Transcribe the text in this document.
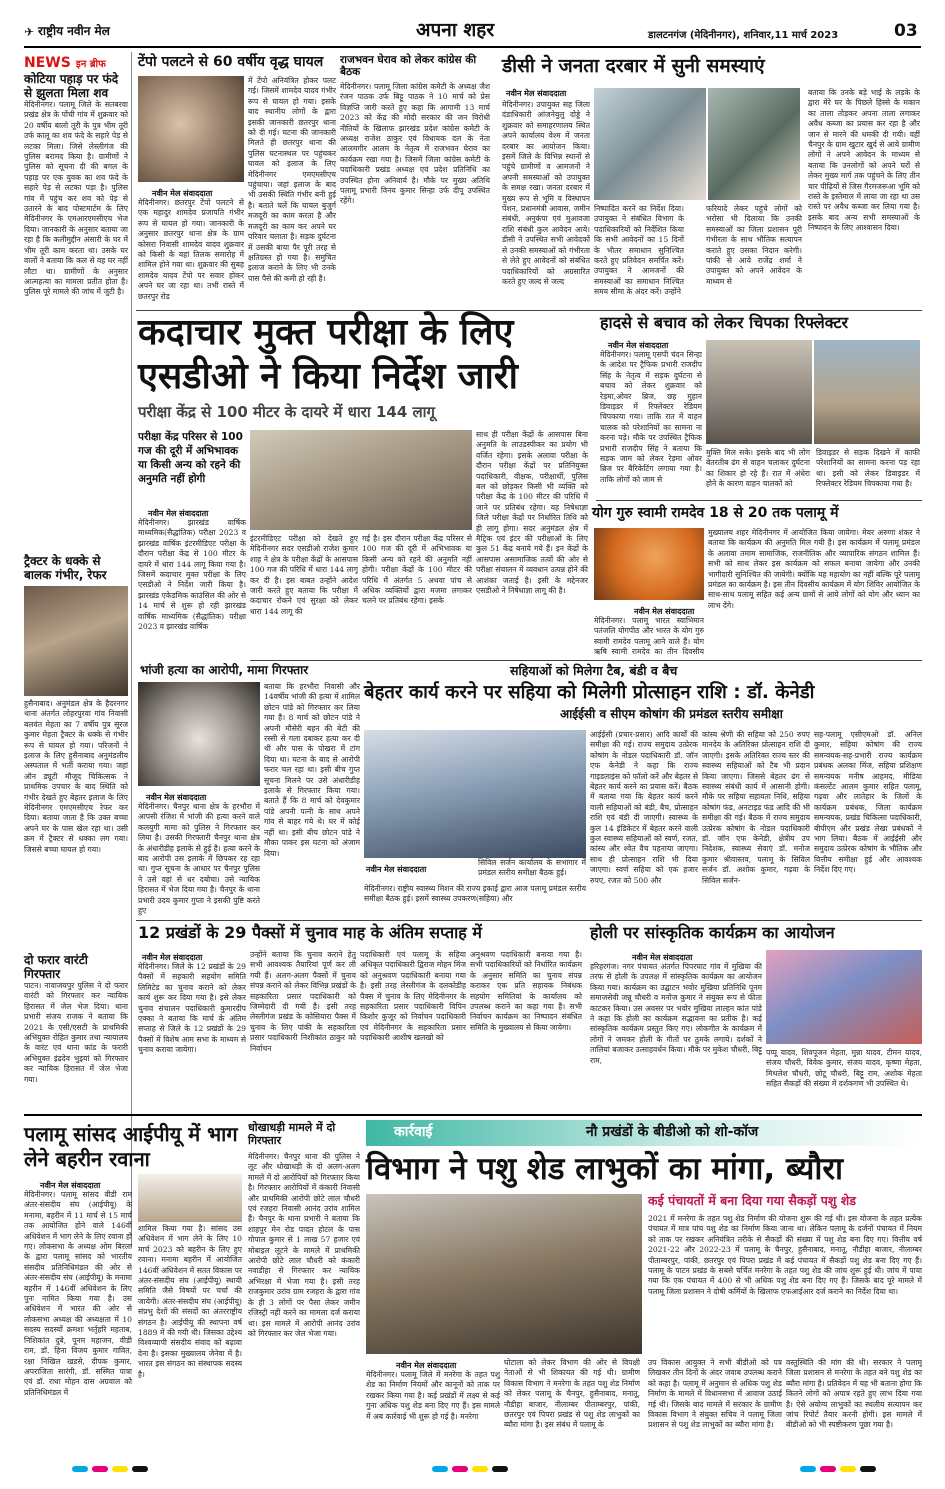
✈ राष्ट्रीय नवीन मेल	अपना शहर	डालटनगंज (मेदिनीनगर), शनिवार,11 मार्च 2023	03
NEWS इन ब्रीफ
कोटिया पहाड़ पर फंदे से झुलता मिला शव
मेदिनीनगर। पलामू जिले के सतबरवा प्रखंड क्षेत्र के पोंची गांव में शुक्रवार को 20 वर्षीय बालो तूरी के पुत्र भीम तूरी उर्फ कालू का शव फंदे के सहारे पेड़ से लटका मिला। जिसे लेस्लीगंज की पुलिस बरामद किया है। ग्रामीणों ने पुलिस को सूचना दी की बगल के पहाड़ पर एक युवक का शव फंदे के सहारे पेड़ से लटका पड़ा है। पुलिस गांव में पहुंच कर शव को पेड़ से उतारने के बाद पोस्टमार्टम के लिए मेदिनीनगर के एमआरएमसीएच भेज दिया। जानकारी के अनुसार बताया जा रहा है कि कलीमुद्दीन अंसारी के घर में भीम तूरी काम करता था। उसके घर वालों ने बताया कि कल से वह घर नहीं लौटा था। ग्रामीणों के अनुसार आत्महत्या का मामला प्रतीत होता है। पुलिस पूरे मामले की जांच में जुटी है।
ट्रैक्टर के धक्के से बालक गंभीर, रेफर
हुसैनाबाद। अनुमंडल क्षेत्र के हैदरनगर थाना अंतर्गत लोहरपुरवा गांव निवासी बलवंत मेहता का 7 वर्षीय पुत्र सूरज कुमार मेहता ट्रैक्टर के धक्के से गंभीर रूप से घायल हो गया। परिजनों ने इलाज के लिए हुसैनाबाद अनुमंडलीय अस्पताल में भर्ती कराया गया। जहां ऑन ड्यूटी मौजूद चिकित्सक ने प्राथमिक उपचार के बाद स्थिति को गंभीर देखते हुए बेहतर इलाज के लिए मेदिनीनगर एमएमसीएच रेफर कर दिया। बताया जाता है कि उक्त बच्चा अपने घर के पास खेल रहा था। उसी क्रम में ट्रैक्टर से धक्का लग गया। जिससे बच्चा घायल हो गया।
दो फरार वारंटी गिरफ्तार
पाटन। नावाजयपुर पुलिस ने दो फरार वारंटी को गिरफ्तार कर न्यायिक हिरासत में जेल भेज दिया। थाना प्रभारी संजय राजक ने बताया कि 2021 के एसी/एसटी के प्राथमिकी अभियुक्त रोहित कुमार तथा न्यायालय के वारंट एवं थाना कांड के फरारी अभियुक्त इंद्रदेव भुइयां को गिरफ्तार कर न्यायिक हिरासत में जेल भेजा गया।
टेंपो पलटने से 60 वर्षीय वृद्ध घायल
नवीन मेल संवाददाता
मेदिनीनगर। छतरपुर टेंपो पलटने से एक महादुर शामदेव प्रजापति गंभीर रूप से घायल हो गया। जानकारी के अनुसार छतरपुर थाना क्षेत्र के ग्राम कोसरा निवासी शामदेव यादव शुक्रवार को किसी के यहां तिलक समारोह में शामिल होने गया था। शुक्रवार की सुबह शामदेव यादव टेंपो पर सवार होकर अपने घर जा रहा था। तभी रास्ते में छतरपुर रोड
में टेंपो अनियंत्रित होकर पलट गई। जिसमें शामदेव यादव गंभीर रूप से घायल हो गया। इसके बाद स्थानीय लोगों के द्वारा इसकी जानकारी छतरपुर थाना को दी गई। घटना की जानकारी मिलते ही छतरपुर थाना की पुलिस घटनास्थल पर पहुंचकर घायल को इलाज के लिए मेदिनीनगर एमएमसीएच पहुंचाया। जहां इलाज के बाद भी उसकी स्थिति गंभीर बनी हुई है। बताते चलें कि घायल बुजुर्ग मजदूरी का काम करता है और मजदूरी का काम कर अपने घर परिवार चलाता है। सड़क दुर्घटना में उसकी बाया पैर पूरी तरह से क्षतिग्रस्त हो गया है। समुचित इलाज कराने के लिए भी उनके पास पैसे की कमी हो रही है।
राजभवन घेराव को लेकर कांग्रेस की बैठक
मेदिनीनगर। पलामू जिला कांग्रेस कमेटी के अध्यक्ष जैश रंजन पाठक उर्फ बिट्टू पाठक ने 10 मार्च को प्रेस विज्ञप्ति जारी करते हुए कहा कि आगामी 13 मार्च 2023 को केंद्र की मोदी सरकार की जन विरोधी नीतियों के खिलाफ झारखंड प्रदेश कांग्रेस कमेटी के अध्यक्ष राजेश ठाकुर एवं विधायक दल के नेता आलमगीर आलम के नेतृत्व में राजभवन घेराव का कार्यक्रम रखा गया है। जिसमें जिला कांग्रेस कमेटी के पदाधिकारी प्रखंड अध्यक्ष एवं प्रदेश प्रतिनिधि का उपस्थित होना अनिवार्य है। मौके पर मुख्य अतिथि पलामू प्रभारी विनय कुमार सिन्हा उर्फ दीपू उपस्थित रहेंगे।
डीसी ने जनता दरबार में सुनी समस्याएं
नवीन मेल संवाददाता
मेदिनीनगर। उपायुक्त सह जिला दंडाधिकारी आंजनेयुलु दोड्डे ने शुक्रवार को समाहरणालय स्थित अपने कार्यालय वेश्म में जनता दरबार का आयोजन किया। इसमें जिले के विभिन्न स्थानों से पहुंचे ग्रामीणों व आमजनों ने अपनी समस्याओं को उपायुक्त के समक्ष रखा। जनता दरबार में मुख्य रूप से भूमि व विस्थापन पेंशन, प्रधानमंत्री आवास, जमीन संबंधी, अनुकंपा एवं मुआवजा राशि संबंधी कुल आवेदन आये। डीसी ने उपस्थित सभी आवेदकों से उनकी समस्याओं को गंभीरता से लेते हुए आवेदनों को संबंधित पदाधिकारियों को अग्रसारित करते हुए जल्द से जल्द
निष्पादित करने का निर्देश दिया। उपायुक्त ने संबंधित विभाग के पदाधिकारियों को निर्देशित किया कि सभी आवेदनों का 15 दिनों के भीतर समाधान सुनिश्चित करते हुए प्रतिवेदन समर्पित करें। उपायुक्त ने आमजनों की समस्याओं का समाधान निश्चित समय सीमा के अंदर करें। उन्होंने
फरियादे लेकर पहुंचे लोगों को भरोसा भी दिलाया कि उनकी समस्याओं का जिला प्रशासन पूरी गंभीरता के साथ भौतिक सत्यापन कराते हुए उसका निदान करेगी। पांकी से आये राजेंद्र शर्मा ने उपायुक्त को अपने आवेदन के माध्यम से
बताया कि उनके बड़े भाई के लड़के के द्वारा मेरे घर के पिछले हिस्से के मकान का ताला तोड़कर अपना ताला लगाकर अवैध कब्जा का प्रयास कर रहा है और जान से मारने की धमकी दी गयी। वहीं चैनपुर के ग्राम खुटार खुर्द से आये ग्रामीण लोगों ने अपने आवेदन के माध्यम से बताया कि उनलोगों को अपने घरों से लेकर मुख्य मार्ग तक पहुंचने के लिए तीन चार पीढ़ियों से जिस गैरमजरूआ भूमि को रास्ते के इस्तेमाल में लाया जा रहा था उस रास्ते पर अवैध कब्जा कर लिया गया है। इसके बाद अन्य सभी समस्याओं के निष्पादन के लिए आश्वासन दिया।
हादसे से बचाव को लेकर चिपका रिफ्लेक्टर
नवीन मेल संवाददाता
मेदिनीनगर। पलामू एसपी चंदन सिन्हा के आदेश पर ट्रैफिक प्रभारी राजदीप सिंह के नेतृत्व में सड़क दुर्घटना से बचाव को लेकर शुक्रवार को रेड़मा,ओवर ब्रिज, छह मुहान डिवाइडर में रिफ्लेक्टर रेडियम चिपकाया गया। ताकि रात में वाहन चालक को परेशानियों का सामना ना करना पड़े। मौके पर उपस्थित ट्रैफिक प्रभारी राजदीप सिंह ने बताया कि सड़क जाम को लेकर रेड़मा ओवर ब्रिज पर बैरिकेटिंग लगाया गया है। ताकि लोगों को जाम से
मुक्ति मिल सके। इसके बाद भी लोग बेतरतीब ढंग से वाहन चलाकर दुर्घटना का शिकार हो रहे हैं। रात में अंधेरा होने के कारण वाहन चालकों को
डिवाइडर से सड़क दिखने में काफी परेशानियों का सामना करना पड़ रहा था। इसी को लेकर डिवाइडर में रिफ्लेक्टर रेडियम चिपकाया गया है।
कदाचार मुक्त परीक्षा के लिए
एसडीओ ने किया निर्देश जारी
परीक्षा केंद्र से 100 मीटर के दायरे में धारा 144 लागू
परीक्षा केंद्र परिसर से 100 गज की दूरी में अभिभावक या किसी अन्य को रहने की अनुमति नहीं होगी
नवीन मेल संवाददाता
मेदिनीनगर। झारखंड वार्षिक माध्यमिक(सैद्धांतिक) परीक्षा 2023 व झारखंड वार्षिक इंटरमीडिएट परीक्षा के दौरान परीक्षा केंद्र से 100 मीटर के दायरे में धारा 144 लागू किया गया है। जिसमें कदाचार मुक्त परीक्षा के लिए एसडीओ ने निर्देश जारी किया है। झारखंड एकेडमिक काउंसिल की ओर से 14 मार्च से शुरू हो रही झारखंड वार्षिक माध्यमिक (सैद्धांतिक) परीक्षा 2023 व झारखंड वार्षिक
इंटरमीडिएट परीक्षा को देखते हुए मेदिनीनगर सदर एसडीओ राजेश कुमार शाह ने क्षेत्र के परीक्षा केंद्रों के आसपास 100 गज की परिधि में धारा 144 लागू कर दी है। इस बाबत उन्होंने आदेश जारी करते हुए बताया कि परीक्षा में कदाचार रोकने एवं सुरक्षा को लेकर धारा 144 लागू की
गई है। इस दौरान परीक्षा केंद्र परिसर से 100 गज की दूरी में अभिभावक या किसी अन्य को रहने की अनुमति नहीं होगी। परीक्षा केंद्रों के 100 मीटर की परिधि में अंतर्गत 5 अथवा पांच से अधिक व्यक्तियों द्वारा मजमा लगाकर चलने पर प्रतिबंध रहेगा। इसके
साथ ही परीक्षा केंद्रों के आसपास बिना अनुमति के लाउडस्पीकर का प्रयोग भी वर्जित रहेगा। इसके अलावा परीक्षा के दौरान परीक्षा केंद्रों पर प्रतिनियुक्त पदाधिकारी, वीक्षक, परीक्षार्थी, पुलिस बल को छोड़कर किसी भी व्यक्ति को परीक्षा केंद्र के 100 मीटर की परिधि में जाने पर प्रतिबंध रहेगा। यह निषेधाज्ञा जिले परीक्षा केंद्रों पर निर्धारित तिथि को ही लागू होगा। सदर अनुमंडल क्षेत्र में मैट्रिक एवं इंटर की परीक्षाओं के लिए कुल 51 केंद्र बनाये गये हैं। इन केंद्रों के आसपास असामाजिक तत्वों की ओर से परीक्षा संचालन में व्यवधान उत्पन्न होने की आशंका जताई है। इसी के मद्देनजर एसडीओ ने निषेधाज्ञा लागू की है।
योग गुरु स्वामी रामदेव 18 से 20 तक पलामू में
नवीन मेल संवाददाता
मेदिनीनगर। पलामू भारत स्वाभिमान पतंजलि योगपीठ और भारत के योग गुरु स्वामी रामदेव पलामू आने वाले हैं। योग ऋषि स्वामी रामदेव का तीन दिवसीय
मुख्यालय शहर मेदिनीनगर में आयोजित किया जायेगा। मेयर अरुणा शंकर ने बताया कि कार्यक्रम की अनुमति मिल गयी है। इस कार्यक्रम में पलामू प्रमंडल के अलावा तमाम सामाजिक, राजनीतिक और व्यापारिक संगठन शामिल हैं। सभी को साथ लेकर इस कार्यक्रम को सफल बनाया जायेगा और उनकी भागीदारी सुनिश्चित की जायेगी। क्योंकि यह महायोग का नहीं बल्कि पूरे पलामू प्रमंडल का कार्यक्रम है। इस तीन दिवसीय कार्यक्रम में योग शिविर आयोजित के साथ-साथ पलामू सहित कई अन्य ग्रामों से आये लोगों को योग और ध्यान का लाभ देंगे।
सहियाओं को मिलेगा टैब, बंडी व बैच
बेहतर कार्य करने पर सहिया को मिलेगी प्रोत्साहन राशि : डॉ. केनेडी
आईईसी व सीएम कोषांग की प्रमंडल स्तरीय समीक्षा
नवीन मेल संवाददाता
सिविल सर्जन कार्यालय के सभागार में प्रमंडल स्तरीय समीक्षा बैठक हुई।
मेदिनीनगर। राष्ट्रीय स्वास्थ्य मिशन की राज्य इकाई द्वारा आज पलामू प्रमंडल स्तरीय समीक्षा बैठक हुई। इसमें स्वास्थ्य उपकरण(सहिया) और
आईईसी (प्रचार-प्रसार) आदि कार्यों की समीक्षा की गई। राज्य समुदाय उत्प्रेरक कोषांग के नोडल पदाधिकारी डॉ. जॉन एफ केनेडी ने कहा कि राज्य गाइडलाइंस को फॉलो करें और बेहतर से बेहतर कार्य करने का प्रयास करें। बैठक में बताया गया कि बेहतर कार्य करने वाली सहियाओं को बंडी, बैच, प्रोत्साहन राशि एवं बंडी दी जाएगी। स्वास्थ्य के कुल 14 इंडिकेटर में बेहतर करने वाली कुल स्वास्थ्य सहियाओं को स्वर्ण, रजत, कांस्य और श्वेत वैच पहनाया जाएगा। साथ ही प्रोत्साहन राशि भी दिया जाएगा। स्वर्ण सहिया को एक हजार रुपए, रजत को 500 और
कांस्य श्रेणी की सहिया को 250 रुपए मानदेय के अतिरिक्त प्रोत्साहन राशि दी जाएगी। इसके अतिरिक्त राज्य स्तर की स्वास्थ्य सहियाओं को टैब भी प्रदान किया जाएगा। जिससे बेहतर ढंग से स्वास्थ्य संबंधी कार्य में आसानी होगी। मौके पर सहिया सहायता निधि, सहिया कोषांग फंड, अनटाइड फंड आदि की भी समीक्षा की गई। बैठक में राज्य समुदाय उत्प्रेरक कोषांग के नोडल पदाधिकारी डॉ. जॉन एफ केनेडी, क्षेत्रीय उप निदेशक, स्वास्थ्य सेवाएं डॉ. मनोज कुमार श्रीवास्तव, पलामू के सिविल सर्जन डॉ. अशोक कुमार, गढ़वा के सिविल सर्जन-
सह-पलामू एसीएमओ डॉ. अनिल कुमार, सहिया कोषांग की राज्य समन्वयक-सह-प्रभारी राज्य कार्यक्रम प्रबंधक अलका मिंज, सहिया प्रशिक्षण समन्वयक मनीष आहमद, मीडिया कंसल्टेंट आलम कुमार सहित पलामू, गढ़वा और लातेहार के जिलों के कार्यक्रम प्रबंधक, जिला कार्यक्रम समन्वयक, प्रखंड चिकित्सा पदाधिकारी, बीपीएम और प्रखंड लेखा प्रबंधकों ने भाग लिया। बैठक में आईईसी और समुदाय उत्प्रेरक कोषांग के भौतिक और वित्तीय समीक्षा हुई और आवश्यक निर्देश दिए गए।
भांजी हत्या का आरोपी, मामा गिरफ्तार
नवीन मेल संवाददाता
मेदिनीनगर। चैनपुर थाना क्षेत्र के हरभौरा में आपसी रंजिश में भांजी की हत्या करने वाले कलयुगी मामा को पुलिस ने गिरफ्तार कर लिया है। उसकी गिरफ्तारी चैनपुर थाना क्षेत्र के अंधारीडीह इलाके से हुई है। हत्या करने के बाद आरोपी उस इलाके में छिपकर रह रहा था। गुप्त सूचना के आधार पर चैनपुर पुलिस ने उसे वहां से धर दबोचा। उसे न्यायिक हिरासत में भेज दिया गया है। चैनपुर के थाना प्रभारी उदय कुमार गुप्ता ने इसकी पुष्टि करते हुए
बताया कि हरभौरा निवासी और 14वर्षीय भांजी की हत्या में शामिल छोटन पांडे को गिरफ्तार कर लिया गया है। 8 मार्च को छोटन पांडे ने अपनी मौसेरी बहन की बेटी की रस्सी से गला दबाकर हत्या कर दी थी और पास के पोखरा में टांग दिया था। घटना के बाद से आरोपी फरार चल रहा था। इसी बीच गुप्त सूचना मिलने पर उसे अंधारीडीह इलाके से गिरफ्तार किया गया। बताते हैं कि 8 मार्च को देवकुमार पांडे अपनी पत्नी के साथ अपने गांव से बाहर गये थे। घर में कोई नहीं था। इसी बीच छोटन पांडे ने मौका पाकर इस घटना को अंजाम दिया।
12 प्रखंडों के 29 पैक्सों में चुनाव माह के अंतिम सप्ताह में
नवीन मेल संवाददाता
मेदिनीनगर। जिले के 12 प्रखंडों के 29 पैक्सों में सहकारी सहयोग समिति लिमिटेड का चुनाव कराने को लेकर कार्य शुरू कर दिया गया है। इसे लेकर चुनाव संचालन पदाधिकारी कुमारदीप एक्का ने बताया कि मार्च के अंतिम सप्ताह से जिले के 12 प्रखंडों के 29 पैक्सों में विशेष आम सभा के माध्यम से चुनाव कराया जायेगा।
उन्होंने बताया कि चुनाव कराने हेतु सभी आवश्यक तैयारियां पूर्ण कर ली गयी हैं। अलग-अलग पैक्सों में चुनाव संपन्न कराने को लेकर विभिन्न प्रखंडों के सहकारिता प्रसार पदाधिकारी को जिम्मेदारी दी गयी है। इसी तरह लेस्लीगंज प्रखंड के कोसियारा पैक्स में चुनाव के लिए पांकी के सहकारिता प्रसार पदाधिकारी निशीकांत ठाकुर को निर्वाचन
पदाधिकारी एवं पलामू के सहिया अधिकृत पदाधिकारी द्विराज मोहन मिंज को अनुश्रवण पदाधिकारी बनाया गया है। इसी तरह लेस्लीगंज के दलकोडीह पैक्स में चुनाव के लिए मेदिनीनगर के सहकारिता प्रसार पदाधिकारी विपिन किशोर कुजूर को निर्वाचन पदाधिकारी एवं मेदिनीनगर के सहकारिता प्रसार पदाधिकारी आशीष खलखो को
अनुश्रवण पदाधिकारी बनाया गया है। सभी पदाधिकारियों को निर्धारित कार्यक्रम के अनुसार समिति का चुनाव संपन्न कराकर एक प्रति सहायक निबंधक सहयोग समितियां के कार्यालय को उपलब्ध कराने का कहा गया है। सभी निर्वाचन कार्यक्रम का निष्पादन संबंधित समिति के मुख्यालय से किया जायेगा।
होली पर सांस्कृतिक कार्यक्रम का आयोजन
नवीन मेल संवाददाता
हरिहरगंज। नगर पंचायत अंतर्गत पिपरघाट गांव में मुखिया की तरफ से होली के उपलक्ष में सांस्कृतिक कार्यक्रम का आयोजन किया गया। कार्यक्रम का उद्घाटन भवोर मुखिया प्रतिनिधि पूनम समाजसेवी जन्नू चौधरी व मनोज कुमार ने संयुक्त रूप से फीता काटकर किया। उस अवसर पर भवोर मुखिया लाल्हन कांत पांडे ने कहा कि होली का कार्यक्रम सद्भावना का प्रतीक है। कई सांस्कृतिक कार्यक्रम प्रस्तुत किए गए। लोकगीत के कार्यक्रम में लोगों ने जमकर होली के गीतों पर ठुमके लगाये। दर्शकों ने तालियां बजाकर उत्साहवर्धन किया। मौके पर मुकेश चौधरी, बिट्टू राम,
पप्पू यादव, शिवपूजन मेहता, मुन्ना यादव, टीमन यादव, संजय चौधरी, विवेक कुमार, संजय यादव, कृष्णा मेहता, मिथलेश चौधरी, छोटू चौधरी, बिट्टू राम, अशोक मेहता सहित सैकड़ों की संख्या में दर्शकगण भी उपस्थित थे।
पलामू सांसद आईपीयू में भाग लेने बहरीन रवाना
नवीन मेल संवाददाता
मेदिनीनगर। पलामू सांसद वीडी राम अंतर-संसदीय संघ (आईपीयू) के मनामा, बहरीन में 11 मार्च से 15 मार्च तक आयोजित होने वाले 146वीं अधिवेशन में भाग लेने के लिए रवाना हो गए। लोकसभा के अध्यक्ष ओम बिरला के द्वारा पलामू सांसद को भारतीय संसदीय प्रतिनिधिमंडल की ओर से अंतर-संसदीय संघ (आईपीयू) के मनामा बहरीन में 146वीं अधिवेशन के लिए पुनः नामित किया गया है। उस अधिवेशन में भारत की ओर से लोकसभा अध्यक्ष की अध्यक्षता में 10 सदस्य सदस्यों क्रमशः भर्तृहरि महताब, निशिकांत दुबे, पूनम महाजन, वीडी राम, डॉ. हिना विजय कुमार गावित, रक्षा निखिल खडसे, दीपक कुमार, अपराजिता सारंगी, डॉ. सस्मित पात्रा एवं डॉ. राधा मोहन दास अग्रवाल को प्रतिनिधिमंडल में
शामिल किया गया है। सांसद उस अधिवेशन में भाग लेने के लिए 10 मार्च 2023 को बहरीन के लिए हुए रवाना। मनामा बहरीन में आयोजित 146वीं अधिवेशन में सतत विकास पर अंतर-संसदीय संघ (आईपीयू) स्थायी समिति जैसे विषयों पर चर्चा की जायेगी। अंतर-संसदीय संघ (आईपीयू) संप्रभु देशों की संसदों का अंतरराष्ट्रीय संगठन है। आईपीयू की स्थापना वर्ष 1889 में की गयी थी। जिसका उद्देश्य विश्वव्यापी संसदीय संवाद को बढ़ावा देना है। इसका मुख्यालय जेनेवा में है। भारत इस संगठन का संस्थापक सदस्य है।
धोखाधड़ी मामले में दो गिरफ्तार
मेदिनीनगर। चैनपुर थाना की पुलिस ने लूट और धोखाधड़ी के दो अलग-अलग मामले में दो आरोपियों को गिरफ्तार किया है। गिरफ्तार आरोपियों में कंकारी निवासी और प्राथमिकी आरोपी छोटे लाल चौधरी एवं रजहरा निवासी आनंद उरांव शामिल हैं। चैनपुर के थाना प्रभारी ने बताया कि शाहपुर मेन रोड पादत होटल के पास गोपाल कुमार से 1 लाख 57 हजार एवं मोबाइल लूटने के मामले में प्राथमिकी आरोपी छोटे लाल चौधरी को कंकारी नवाडीहा से गिरफ्तार कर न्यायिक अभिरक्षा में भेजा गया है। इसी तरह राजकुमार उरांव ग्राम रजहरा के द्वारा गांव के ही 3 लोगों पर पैसा लेकर जमीन रजिस्ट्री नहीं करने का मामला दर्ज कराया था। इस मामले में आरोपी आनंद उरांव को गिरफ्तार कर जेल भेजा गया।
कार्रवाई	नौ प्रखंडों के बीडीओ को शो-कॉज
विभाग ने पशु शेड लाभुकों का मांगा, ब्यौरा
कई पंचायतों में बना दिया गया सैकड़ों पशु शेड
2021 में मनरेगा के तहत पशु शेड निर्माण की योजना शुरू की गई थी। इस योजना के तहत प्रत्येक पंचायत में मात्र पांच पशु शेड का निर्माण किया जाना था। लेकिन पलामू के दर्जनों पंचायत में नियम को ताक पर रखकर अनियंत्रित तरीके से सैकड़ों की संख्या में पशु शेड बना दिए गए। वित्तीय वर्ष 2021-22 और 2022-23 में पलामू के चैनपुर, हुसैनाबाद, मनातू, नौडीहा बाजार, नीलाम्बर पीताम्बरपुर, पांकी, छतरपुर एवं पिपरा प्रखंड में कई पंचायत में सैकड़ों पशु शेड बना दिए गए हैं। पलामू के पाटन प्रखंड के सबसे चर्चित मनरेगा के तहत पशु शेड की जांच शुरू हुई थी। जांच में पाया गया कि एक पंचायत में 400 से भी अधिक पशु शेड बना दिए गए हैं। जिसके बाद पूरे मामले में पलामू जिला प्रशासन ने दोषी कर्मियों के खिलाफ एफआईआर दर्ज कराने का निर्देश दिया था।
नवीन मेल संवाददाता
मेदिनीनगर। पलामू जिले में मनरेगा के तहत पशु शेड का निर्माण नियमों और कानूनों को ताक पर रखकर किया गया है। कई प्रखंडों में लक्ष्य से कई गुना अधिक पशु शेड बना दिए गए हैं। इस मामले में अब कार्रवाई भी शुरू हो गई है। मनरेगा
घोटाला को लेकर विभाग की ओर से विपक्षी नेताओं से भी शिकायत की गई थी। ग्रामीण विकास विभाग ने मनरेगा के तहत पशु शेड निर्माण को लेकर पलामू के चैनपुर, हुसैनाबाद, मनातू, नौडीहा बाजार, नीलाम्बर पीताम्बरपुर, पांकी, छतरपुर एवं पिपरा प्रखंड से पशु शेड लाभुकों का ब्यौरा मांगा है। इस संबंध में पलामू के
उप विकास आयुक्त ने सभी बीडीओ को पत्र लिखकर तीन दिनों के अंदर जवाब उपलब्ध कराने को कहा है। पलामू में अनुमान से अधिक पशु शेड निर्माण के मामले में विधानसभा में आवाज उठाई गई थी। जिसके बाद मामले में सरकार के ग्रामीण विकास विभाग ने संयुक्त सचिव ने पलामू जिला प्रशासन से पशु शेड लाभुकों का ब्यौरा मांगा है।
वस्तुस्थिति की मांग की थी। सरकार ने पलामू जिला प्रशासन से मनरेगा के तहत बने पशु शेड का ब्यौरा मांगा है। प्रतिवेदन में यह भी बताना होगा कि कितने लोगों को अपात्र रहते हुए लाभ दिया गया है। ऐसे अयोग्य लाभुकों का स्थलीय सत्यापन कर जांच रिपोर्ट तैयार करनी होगी। इस मामले में बीडीओ को भी स्पष्टीकरण पूछा गया है।
